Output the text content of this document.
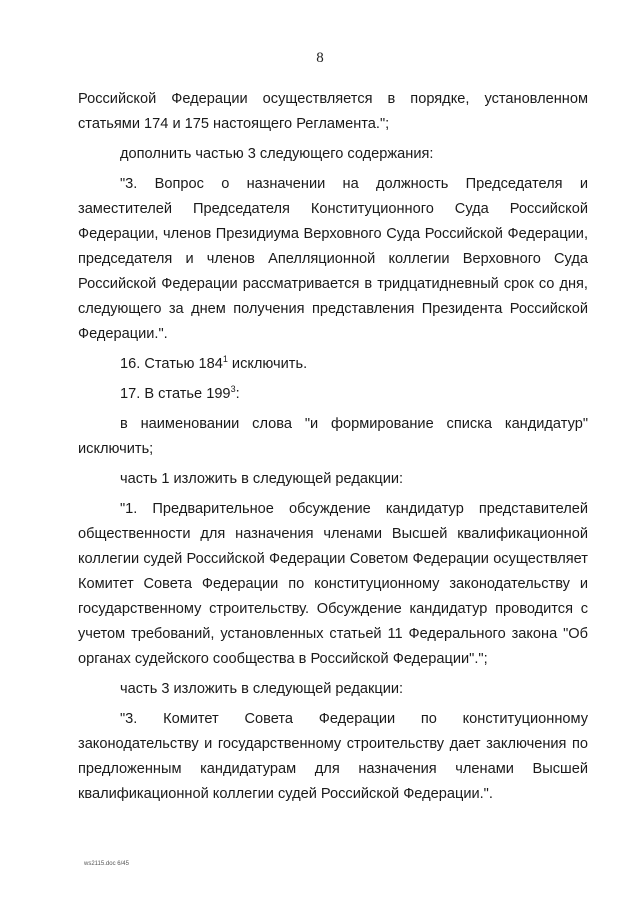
8

Российской Федерации осуществляется в порядке, установленном статьями 174 и 175 настоящего Регламента.";

дополнить частью 3 следующего содержания:

"3. Вопрос о назначении на должность Председателя и заместителей Председателя Конституционного Суда Российской Федерации, членов Президиума Верховного Суда Российской Федерации, председателя и членов Апелляционной коллегии Верховного Суда Российской Федерации рассматривается в тридцатидневный срок со дня, следующего за днем получения представления Президента Российской Федерации.".

16. Статью $184^1$ исключить.

17. В статье $199^3$:

в наименовании слова "и формирование списка кандидатур" исключить;

часть 1 изложить в следующей редакции:

"1. Предварительное обсуждение кандидатур представителей общественности для назначения членами Высшей квалификационной коллегии судей Российской Федерации Советом Федерации осуществляет Комитет Совета Федерации по конституционному законодательству и государственному строительству. Обсуждение кандидатур проводится с учетом требований, установленных статьей 11 Федерального закона "Об органах судейского сообщества в Российской Федерации".";

часть 3 изложить в следующей редакции:

"3. Комитет Совета Федерации по конституционному законодательству и государственному строительству дает заключения по предложенным кандидатурам для назначения членами Высшей квалификационной коллегии судей Российской Федерации.".

ws2115.doc 6/45
